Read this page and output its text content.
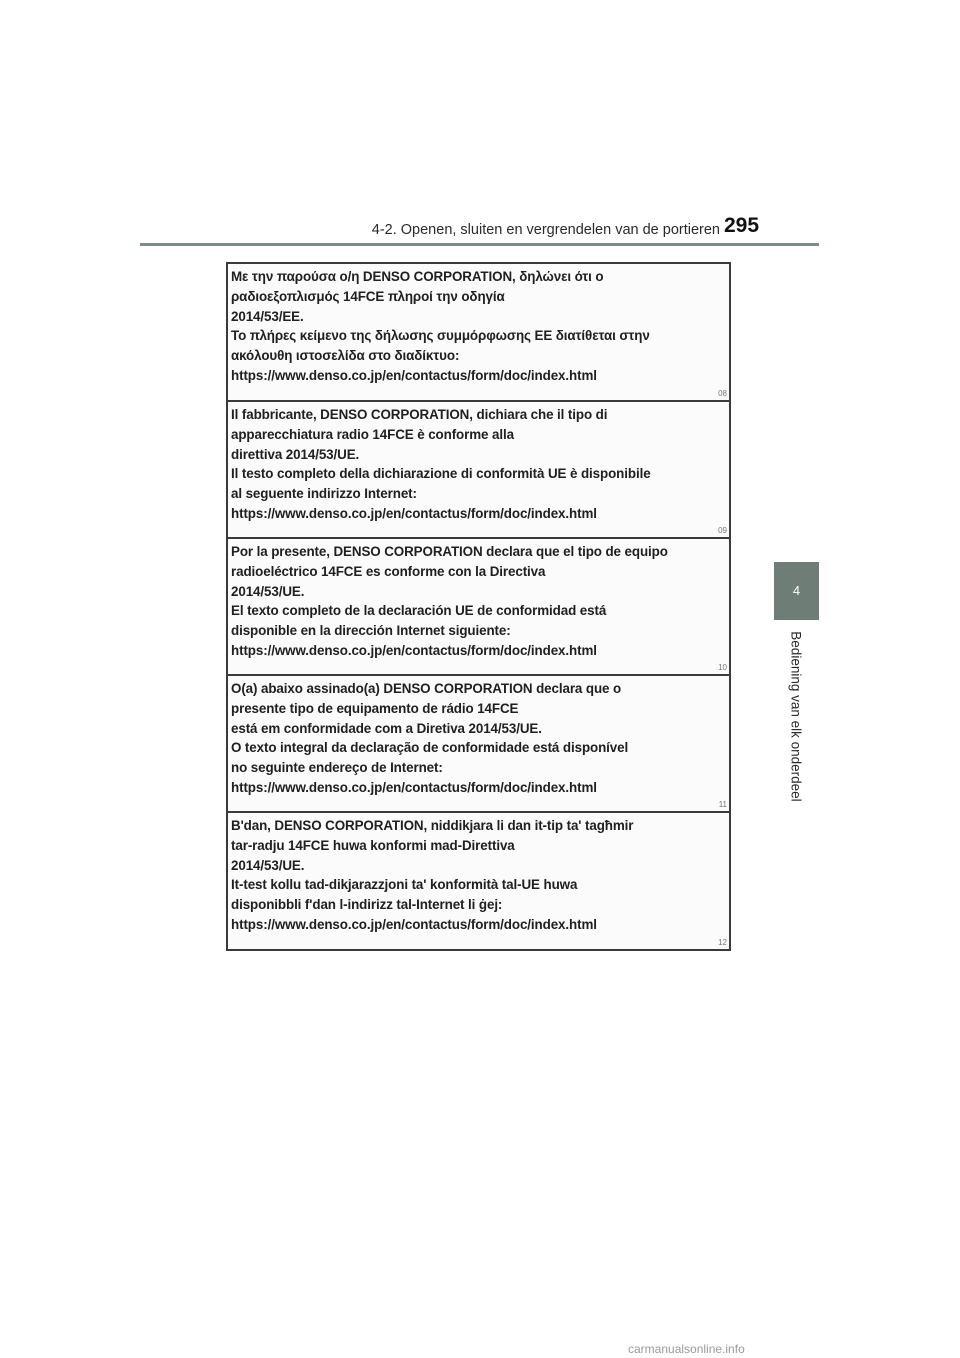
4-2. Openen, sluiten en vergrendelen van de portieren 295
4
Bediening van elk onderdeel
Με την παρούσα ο/η DENSO CORPORATION, δηλώνει ότι ο
ραδιοεξοπλισμός 14FCE πληροί την οδηγία
2014/53/EE.
Το πλήρες κείμενο της δήλωσης συμμόρφωσης ΕΕ διατίθεται στην
ακόλουθη ιστοσελίδα στο διαδίκτυο:
https://www.denso.co.jp/en/contactus/form/doc/index.html
08
Il fabbricante, DENSO CORPORATION, dichiara che il tipo di
apparecchiatura radio 14FCE è conforme alla
direttiva 2014/53/UE.
Il testo completo della dichiarazione di conformità UE è disponibile
al seguente indirizzo Internet:
https://www.denso.co.jp/en/contactus/form/doc/index.html
09
Por la presente, DENSO CORPORATION declara que el tipo de equipo
radioeléctrico 14FCE es conforme con la Directiva
2014/53/UE.
El texto completo de la declaración UE de conformidad está
disponible en la dirección Internet siguiente:
https://www.denso.co.jp/en/contactus/form/doc/index.html
10
O(a) abaixo assinado(a) DENSO CORPORATION declara que o
presente tipo de equipamento de rádio 14FCE
está em conformidade com a Diretiva 2014/53/UE.
O texto integral da declaração de conformidade está disponível
no seguinte endereço de Internet:
https://www.denso.co.jp/en/contactus/form/doc/index.html
11
B'dan, DENSO CORPORATION, niddikjara li dan it-tip ta' tagħmir
tar-radju 14FCE huwa konformi mad-Direttiva
2014/53/UE.
It-test kollu tad-dikjarazzjoni ta' konformità tal-UE huwa
disponibbli f'dan l-indirizz tal-Internet li ġej:
https://www.denso.co.jp/en/contactus/form/doc/index.html
12
carmanualsonline.info
